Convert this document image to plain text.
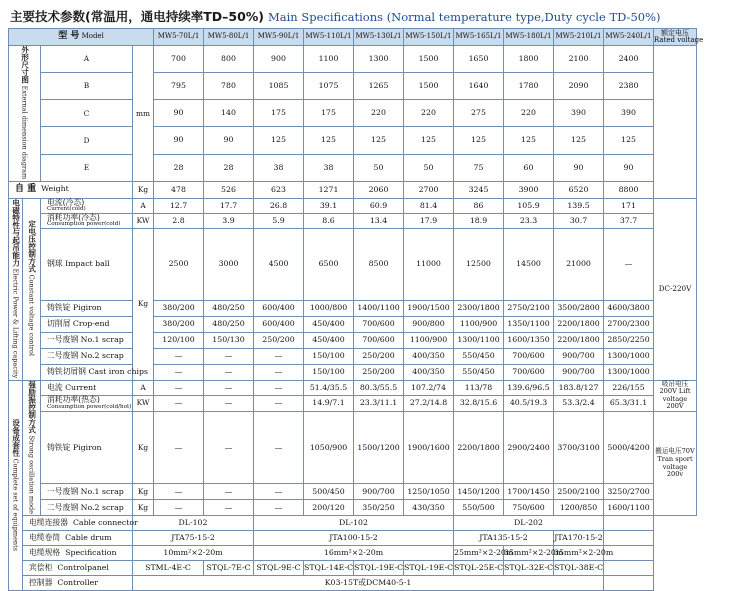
主要技术参数(常温用，通电持续率TD–50%) Main Specifications (Normal temperature type,Duty cycle TD-50%)
型 号 Model				MW5-70L/1	MW5-80L/1	MW5-90L/1	MW5-110L/1	MW5-130L/1	MW5-150L/1	MW5-165L/1	MW5-180L/1	MW5-210L/1	MW5-240L/1	额定电压
Rated voltage
外形尺寸图 External dimension diagram		A	mm	700	800	900	1100	1300	1500	1650	1800	2100	2400	
		B		795	780	1085	1075	1265	1500	1640	1780	2090	2380	
		C		90	140	175	175	220	220	275	220	390	390	
		D		90	90	125	125	125	125	125	125	125	125	
		E		28	28	38	38	50	50	75	60	90	90	
自 重 Weight			Kg	478	526	623	1271	2060	2700	3245	3900	6520	8800	
电磁特性与起吊能力 Electric Power & Lifting capacity	定电压控制方式 Constant voltage control	电流(冷态)
Current(cold)	A	12.7	17.7	26.8	39.1	60.9	81.4	86	105.9	139.5	171	DC-220V
		消耗功率(冷态)
Consumption power(cold)	KW	2.8	3.9	5.9	8.6	13.4	17.9	18.9	23.3	30.7	37.7	
		钢球 Impact ball	Kg	2500	3000	4500	6500	8500	11000	12500	14500	21000	—	
		铸铁锭 Pigiron		380/200	480/250	600/400	1000/800	1400/1100	1900/1500	2300/1800	2750/2100	3500/2800	4600/3800	
		切削屑 Crop-end		380/200	480/250	600/400	450/400	700/600	900/800	1100/900	1350/1100	2200/1800	2700/2300	
		一号废钢 No.1 scrap		120/100	150/130	250/200	450/400	700/600	1100/900	1300/1100	1600/1350	2200/1800	2850/2250	
		二号废钢 No.2 scrap		—	—	—	150/100	250/200	400/350	550/450	700/600	900/700	1300/1000	
		铸铁切屑钢 Cast iron chips		—	—	—	150/100	250/200	400/350	550/450	700/600	900/700	1300/1000	
设备成套性 Complete set of equipments	强励振控制方式 Strong oscillation mode	电流 Current	A	—	—	—	51.4/35.5	80.3/55.5	107.2/74	113/78	139.6/96.5	183.8/127	226/155	吸吊电压200V Lift voltage 200V
		消耗功率(热态)
Consumption power(cold/hot)	KW	—	—	—	14.9/7.1	23.3/11.1	27.2/14.8	32.8/15.6	40.5/19.3	53.3/2.4	65.3/31.1	
		铸铁锭 Pigiron	Kg	—	—	—	1050/900	1500/1200	1900/1600	2200/1800	2900/2400	3700/3100	5000/4200	搬运电压70V Tran sport voltage 200v
		一号废钢 No.1 scrap	Kg	—	—	—	500/450	900/700	1250/1050	1450/1200	1700/1450	2500/2100	3250/2700	
		二号废钢 No.2 scrap	Kg	—	—	—	200/120	350/250	430/350	550/500	750/600	1200/850	1600/1100	
	电缆连接器 Cable connector		DL-102			DL-102				DL-202				
	电缆卷筒 Cable drum		JTA75-15-2			JTA100-15-2				JTA135-15-2		JTA170-15-2		
	电缆规格 Specification		10mm²×2-20m			16mm²×2-20m				25mm²×2-20m	35mm²×2-20m	35mm²×2-20m		
	宾偿柜 Controlpanel		STML-4E-C		STQL-7E-C	STQL-9E-C	STQL-14E-C	STQL-19E-C	STQL-19E-C	STQL-25E-C	STQL-32E-C	STQL-38E-C		
	控制器 Controller		K03-15T或DCM40-5-1											
